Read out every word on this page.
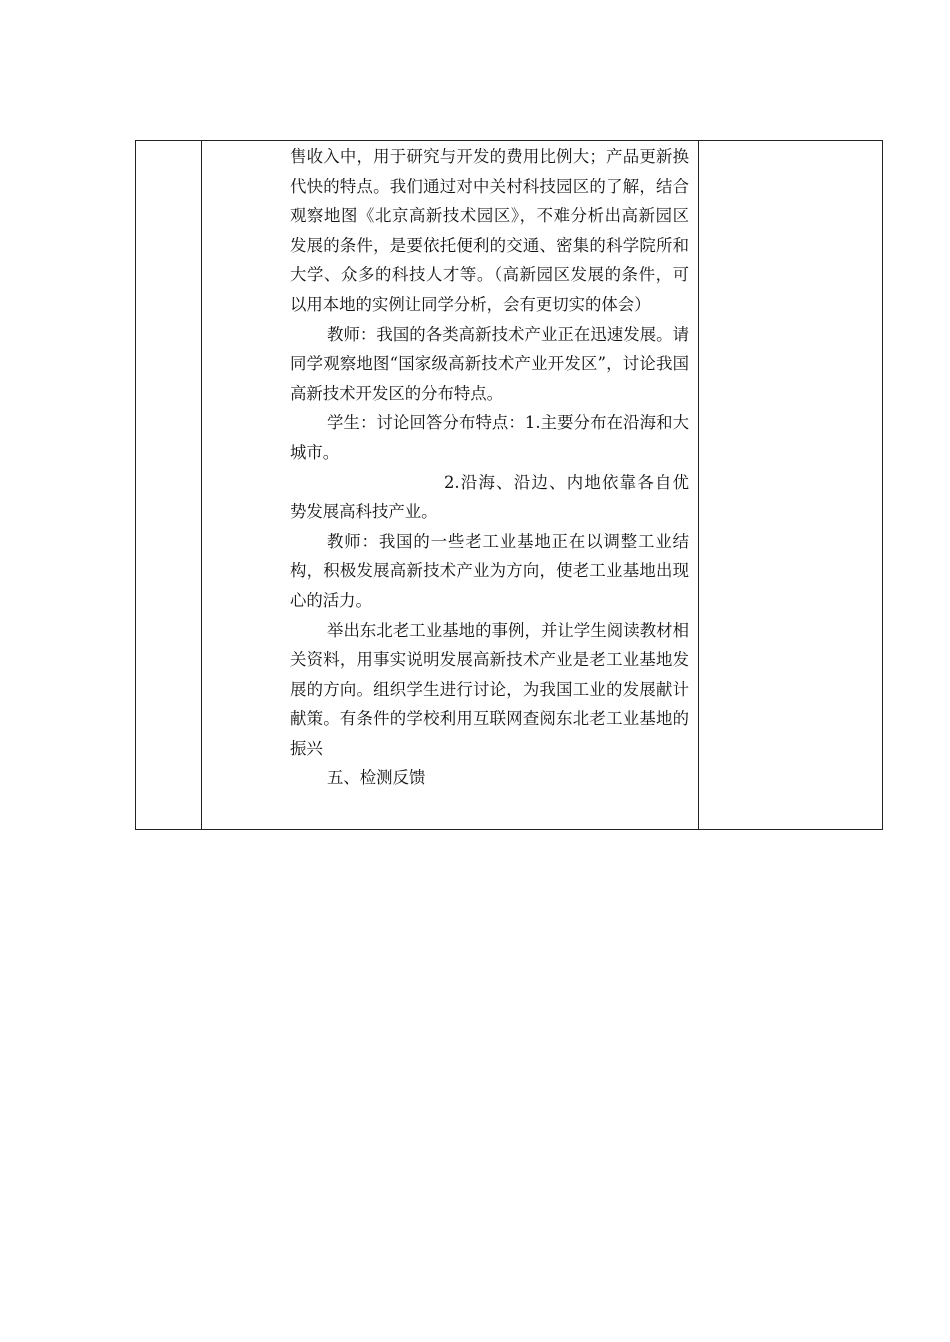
售收入中，用于研究与开发的费用比例大；产品更新换代快的特点。我们通过对中关村科技园区的了解，结合观察地图《北京高新技术园区》，不难分析出高新园区发展的条件，是要依托便利的交通、密集的科学院所和大学、众多的科技人才等。（高新园区发展的条件，可以用本地的实例让同学分析，会有更切实的体会）

教师：我国的各类高新技术产业正在迅速发展。请同学观察地图“国家级高新技术产业开发区”，讨论我国高新技术开发区的分布特点。

学生：讨论回答分布特点：1.主要分布在沿海和大城市。

2.沿海、沿边、内地依靠各自优势发展高科技产业。

教师：我国的一些老工业基地正在以调整工业结构，积极发展高新技术产业为方向，使老工业基地出现心的活力。

举出东北老工业基地的事例，并让学生阅读教材相关资料，用事实说明发展高新技术产业是老工业基地发展的方向。组织学生进行讨论，为我国工业的发展献计献策。有条件的学校利用互联网查阅东北老工业基地的振兴

五、检测反馈
